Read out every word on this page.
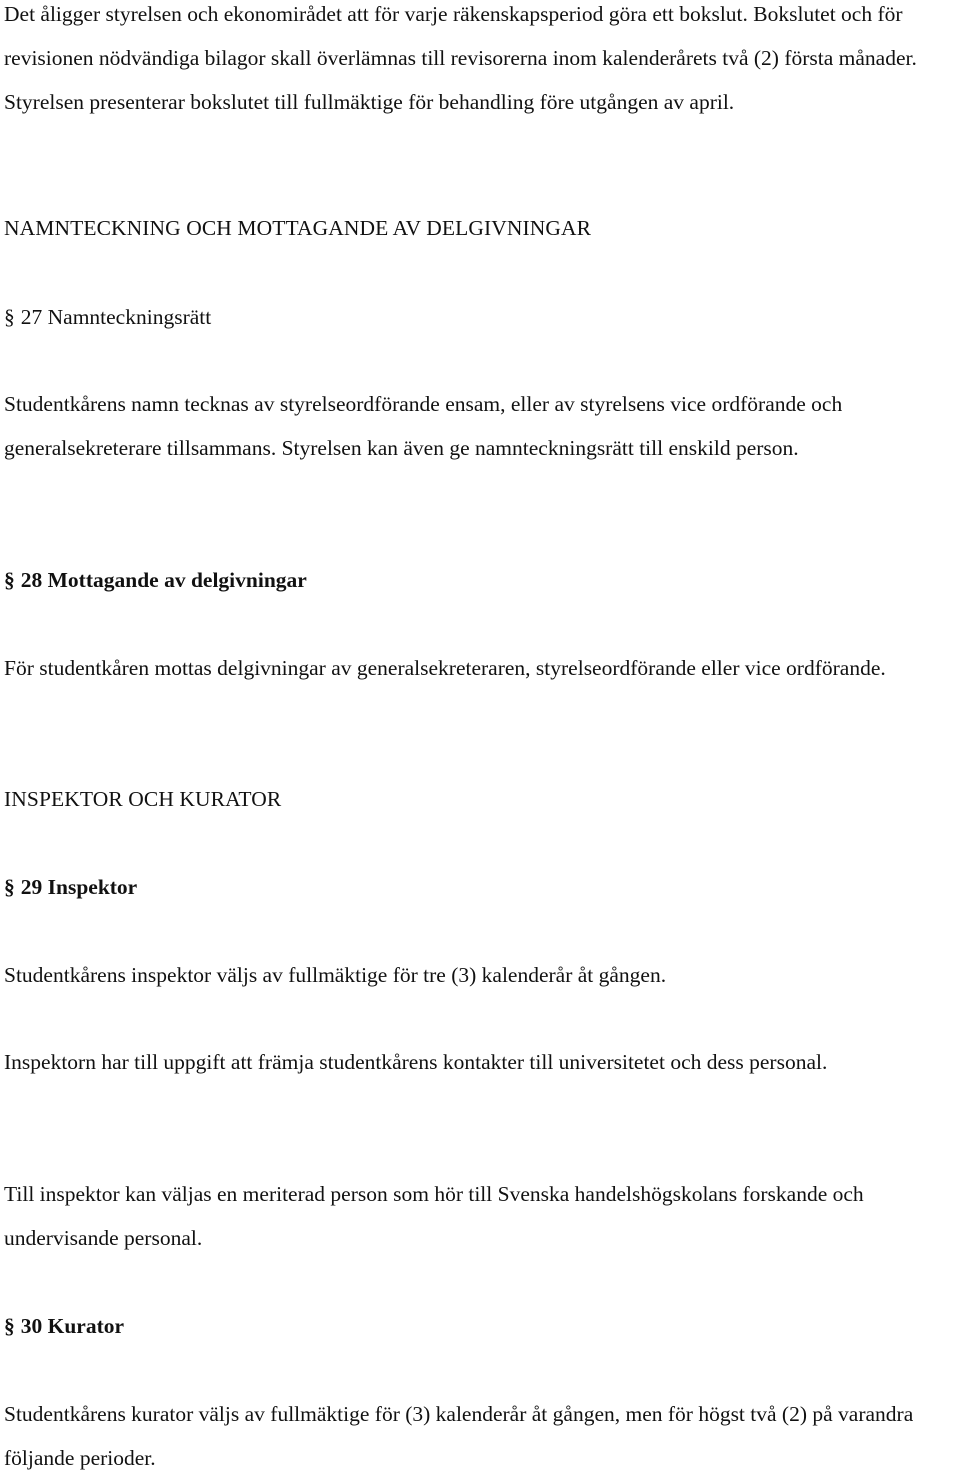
Det åligger styrelsen och ekonomirådet att för varje räkenskapsperiod göra ett bokslut. Bokslutet och för revisionen nödvändiga bilagor skall överlämnas till revisorerna inom kalenderårets två (2) första månader. Styrelsen presenterar bokslutet till fullmäktige för behandling före utgången av april.

NAMNTECKNING OCH MOTTAGANDE AV DELGIVNINGAR

§ 27 Namnteckningsrätt

Studentkårens namn tecknas av styrelseordförande ensam, eller av styrelsens vice ordförande och generalsekreterare tillsammans. Styrelsen kan även ge namnteckningsrätt till enskild person.

§ 28 Mottagande av delgivningar

För studentkåren mottas delgivningar av generalsekreteraren, styrelseordförande eller vice ordförande.

INSPEKTOR OCH KURATOR

§ 29 Inspektor

Studentkårens inspektor väljs av fullmäktige för tre (3) kalenderår åt gången.

Inspektorn har till uppgift att främja studentkårens kontakter till universitetet och dess personal.

Till inspektor kan väljas en meriterad person som hör till Svenska handelshögskolans forskande och undervisande personal.

§ 30 Kurator

Studentkårens kurator väljs av fullmäktige för (3) kalenderår åt gången, men för högst två (2) på varandra följande perioder.
